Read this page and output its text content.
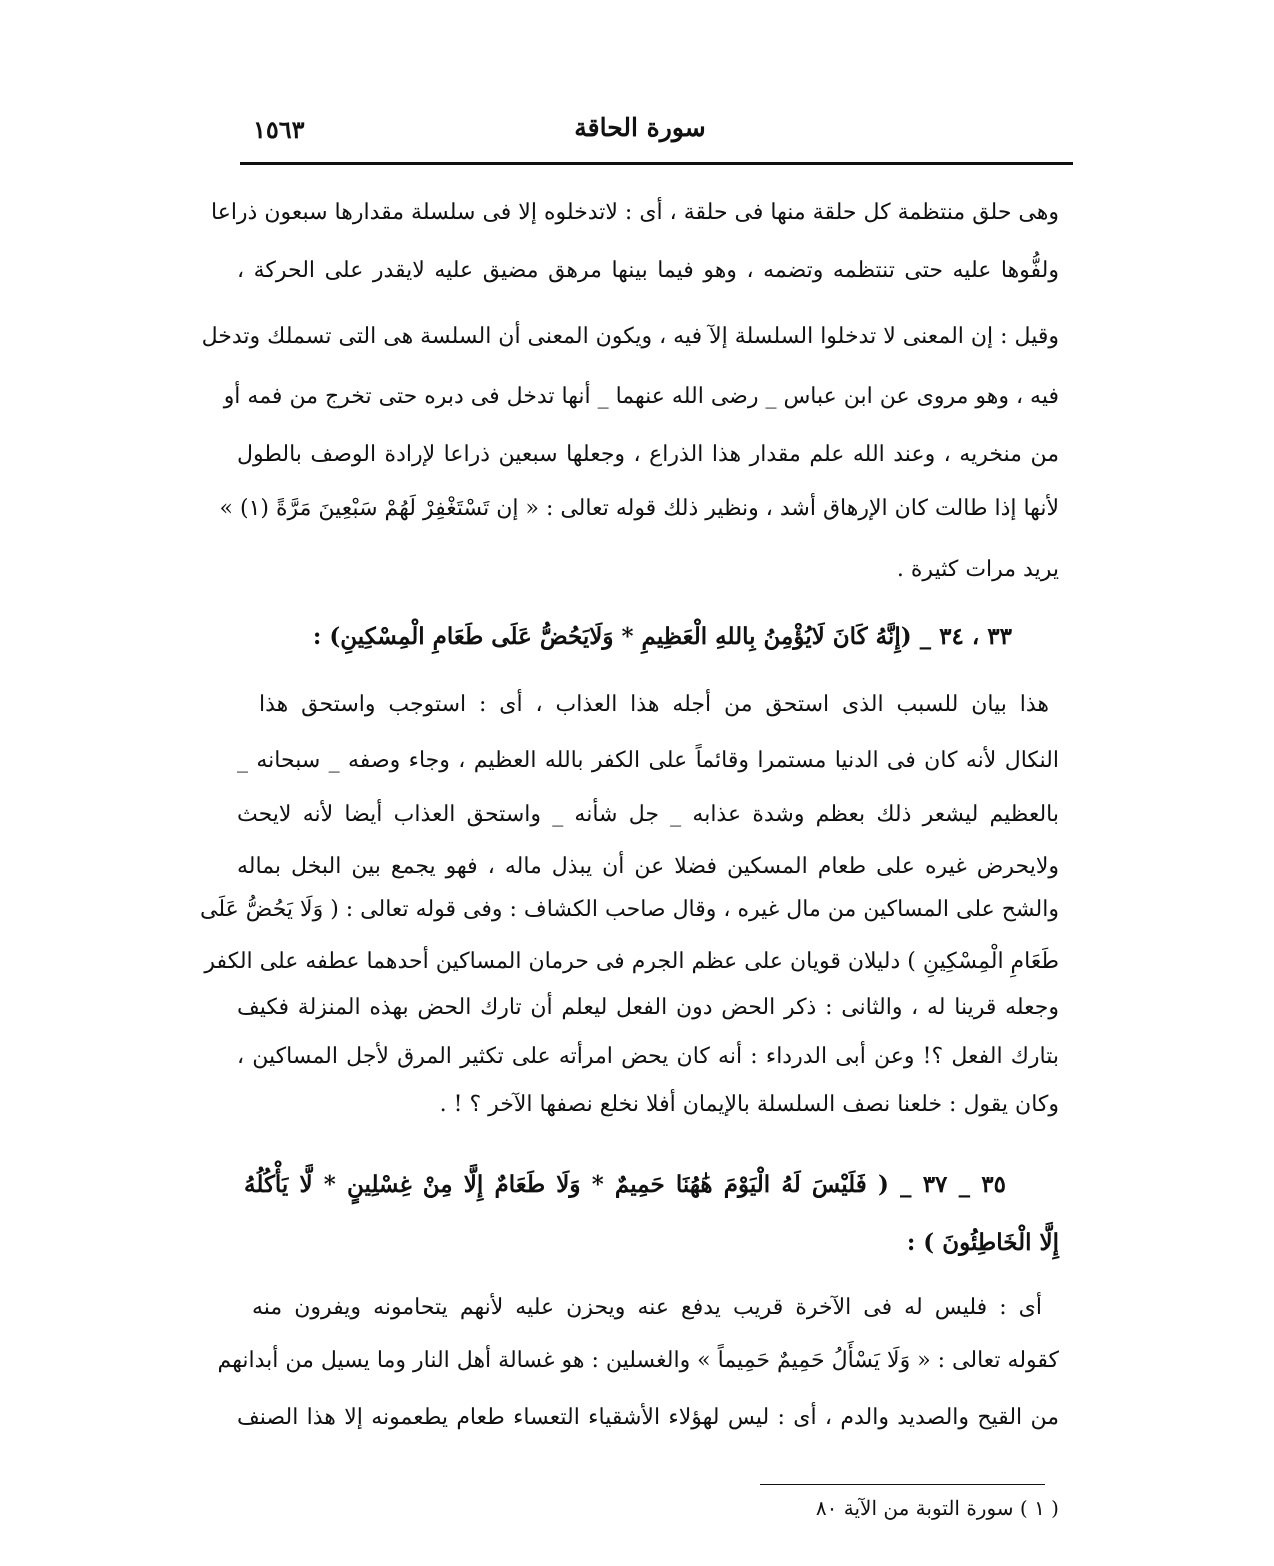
سورة الحاقة
١٥٦٣
وهى حلق منتظمة كل حلقة منها فى حلقة ، أى : لاتدخلوه إلا فى سلسلة مقدارها سبعون ذراعا
ولفُّوها عليه حتى تنتظمه وتضمه ، وهو فيما بينها مرهق مضيق عليه لايقدر على الحركة ،
وقيل : إن المعنى لا تدخلوا السلسلة إلآ فيه ، ويكون المعنى أن السلسة هى التى تسملك وتدخل
فيه ، وهو مروى عن ابن عباس _ رضى الله عنهما _ أنها تدخل فى دبره حتى تخرج من فمه أو
من منخريه ، وعند الله علم مقدار هذا الذراع ، وجعلها سبعين ذراعا لإرادة الوصف بالطول
لأنها إذا طالت كان الإرهاق أشد ، ونظير ذلك قوله تعالى : « إن تَسْتَغْفِرْ لَهُمْ سَبْعِينَ مَرَّةً (١) »
يريد مرات كثيرة .
٣٣ ، ٣٤ _ (إِنَّهُ كَانَ لَايُؤْمِنُ بِاللهِ الْعَظِيمِ * وَلَايَحُضُّ عَلَى طَعَامِ الْمِسْكِينِ) :
هذا بيان للسبب الذى استحق من أجله هذا العذاب ، أى : استوجب واستحق هذا
النكال لأنه كان فى الدنيا مستمرا وقائماً على الكفر بالله العظيم ، وجاء وصفه _ سبحانه _
بالعظيم ليشعر ذلك بعظم وشدة عذابه _ جل شأنه _ واستحق العذاب أيضا لأنه لايحث
ولايحرض غيره على طعام المسكين فضلا عن أن يبذل ماله ، فهو يجمع بين البخل بماله
والشح على المساكين من مال غيره ، وقال صاحب الكشاف : وفى قوله تعالى : ( وَلَا يَحُضُّ عَلَى
طَعَامِ الْمِسْكِينِ ) دليلان قويان على عظم الجرم فى حرمان المساكين أحدهما عطفه على الكفر
وجعله قرينا له ، والثانى : ذكر الحض دون الفعل ليعلم أن تارك الحض بهذه المنزلة فكيف
بتارك الفعل ؟! وعن أبى الدرداء : أنه كان يحض امرأته على تكثير المرق لأجل المساكين ،
وكان يقول : خلعنا نصف السلسلة بالإيمان أفلا نخلع نصفها الآخر ؟ ! .
٣٥ _ ٣٧ _ ( فَلَيْسَ لَهُ الْيَوْمَ هَٰهُنَا حَمِيمٌ * وَلَا طَعَامٌ إِلَّا مِنْ غِسْلِينٍ * لَّا يَأْكُلُهُ
إِلَّا الْخَاطِئُونَ ) :
أى : فليس له فى الآخرة قريب يدفع عنه ويحزن عليه لأنهم يتحامونه ويفرون منه
كقوله تعالى : « وَلَا يَسْأَلُ حَمِيمٌ حَمِيماً » والغسلين : هو غسالة أهل النار وما يسيل من أبدانهم
من القيح والصديد والدم ، أى : ليس لهؤلاء الأشقياء التعساء طعام يطعمونه إلا هذا الصنف
( ١ ) سورة التوبة من الآية ٨٠
